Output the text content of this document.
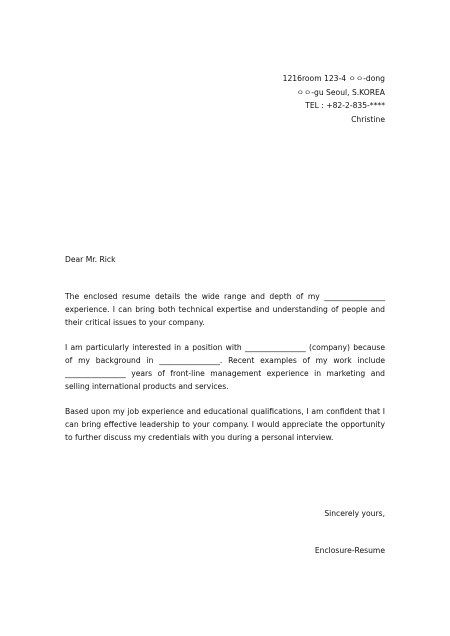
1216room 123-4 ㅇㅇ-dong
ㅇㅇ-gu Seoul, S.KOREA
TEL : +82-2-835-****
Christine
Dear Mr. Rick

The enclosed resume details the wide range and depth of my ________________ experience. I can bring both technical expertise and understanding of people and their critical issues to your company.

I am particularly interested in a position with ________________ (company) because of my background in ________________. Recent examples of my work include ________________ years of front-line management experience in marketing and selling international products and services.

Based upon my job experience and educational qualifications, I am confident that I can bring effective leadership to your company. I would appreciate the opportunity to further discuss my credentials with you during a personal interview.

Sincerely yours,
Enclosure-Resume
